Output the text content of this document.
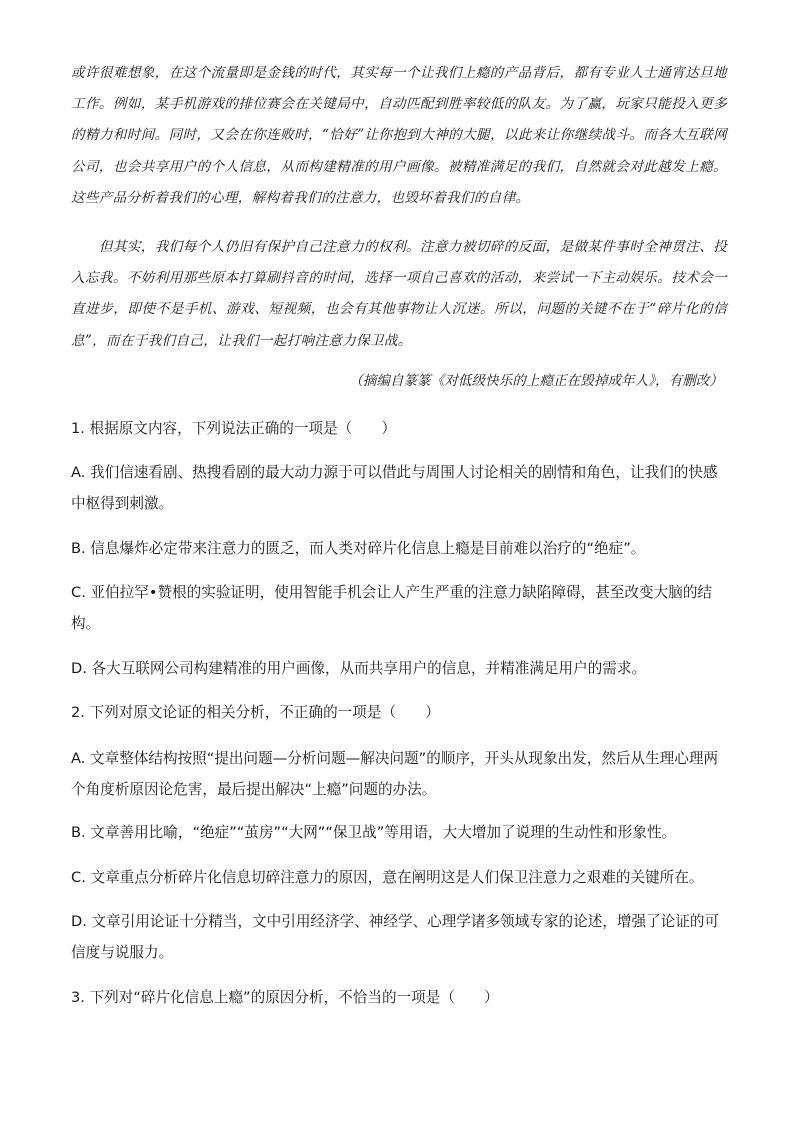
或许很难想象，在这个流量即是金钱的时代，其实每一个让我们上瘾的产品背后，都有专业人士通宵达旦地工作。例如，某手机游戏的排位赛会在关键局中，自动匹配到胜率较低的队友。为了赢，玩家只能投入更多的精力和时间。同时，又会在你连败时，“恰好”让你抱到大神的大腿，以此来让你继续战斗。而各大互联网公司，也会共享用户的个人信息，从而构建精准的用户画像。被精准满足的我们，自然就会对此越发上瘾。这些产品分析着我们的心理，解构着我们的注意力，也毁坏着我们的自律。

但其实，我们每个人仍旧有保护自己注意力的权利。注意力被切碎的反面，是做某件事时全神贯注、投入忘我。不妨利用那些原本打算刷抖音的时间，选择一项自己喜欢的活动，来尝试一下主动娱乐。技术会一直进步，即使不是手机、游戏、短视频，也会有其他事物让人沉迷。所以，问题的关键不在于“碎片化的信息”，而在于我们自己，让我们一起打响注意力保卫战。

（摘编自篆篆《对低级快乐的上瘾正在毁掉成年人》，有删改）

1. 根据原文内容，下列说法正确的一项是（　　）

A. 我们信速看剧、热搜看剧的最大动力源于可以借此与周围人讨论相关的剧情和角色，让我们的快感中枢得到刺激。

B. 信息爆炸必定带来注意力的匮乏，而人类对碎片化信息上瘾是目前难以治疗的“绝症”。

C. 亚伯拉罕•赞根的实验证明，使用智能手机会让人产生严重的注意力缺陷障碍，甚至改变大脑的结构。

D. 各大互联网公司构建精准的用户画像，从而共享用户的信息，并精准满足用户的需求。

2. 下列对原文论证的相关分析，不正确的一项是（　　）

A. 文章整体结构按照“提出问题—分析问题—解决问题”的顺序，开头从现象出发，然后从生理心理两个角度析原因论危害，最后提出解决“上瘾”问题的办法。

B. 文章善用比喻，“绝症”“茧房”“大网”“保卫战”等用语，大大增加了说理的生动性和形象性。

C. 文章重点分析碎片化信息切碎注意力的原因，意在阐明这是人们保卫注意力之艰难的关键所在。

D. 文章引用论证十分精当，文中引用经济学、神经学、心理学诸多领域专家的论述，增强了论证的可信度与说服力。

3. 下列对“碎片化信息上瘾”的原因分析，不恰当的一项是（　　）
